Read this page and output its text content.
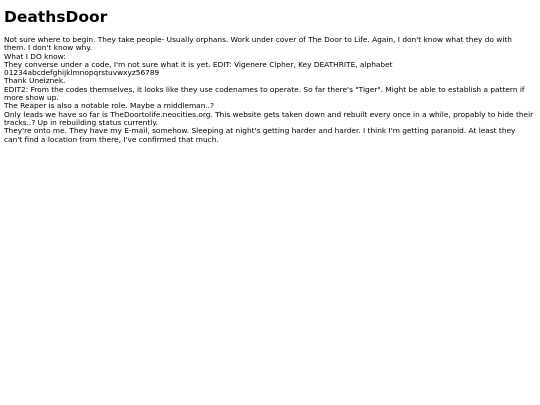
DeathsDoor
Not sure where to begin. They take people- Usually orphans. Work under cover of The Door to Life. Again, I don't know what they do with them. I don't know why.
What I DO know:
They converse under a code, I'm not sure what it is yet. EDIT: Vigenere Cipher, Key DEATHRITE, alphabet 01234abcdefghijklmnopqrstuvwxyz56789
Thank Uneiznek.
EDIT2: From the codes themselves, it looks like they use codenames to operate. So far there's "Tiger". Might be able to establish a pattern if more show up.
The Reaper is also a notable role. Maybe a middleman..?
Only leads we have so far is TheDoortolife.neocities.org. This website gets taken down and rebuilt every once in a while, propably to hide their tracks..? Up in rebuilding status currently.
They're onto me. They have my E-mail, somehow. Sleeping at night's getting harder and harder. I think I'm getting paranoid. At least they can't find a location from there, I've confirmed that much.
